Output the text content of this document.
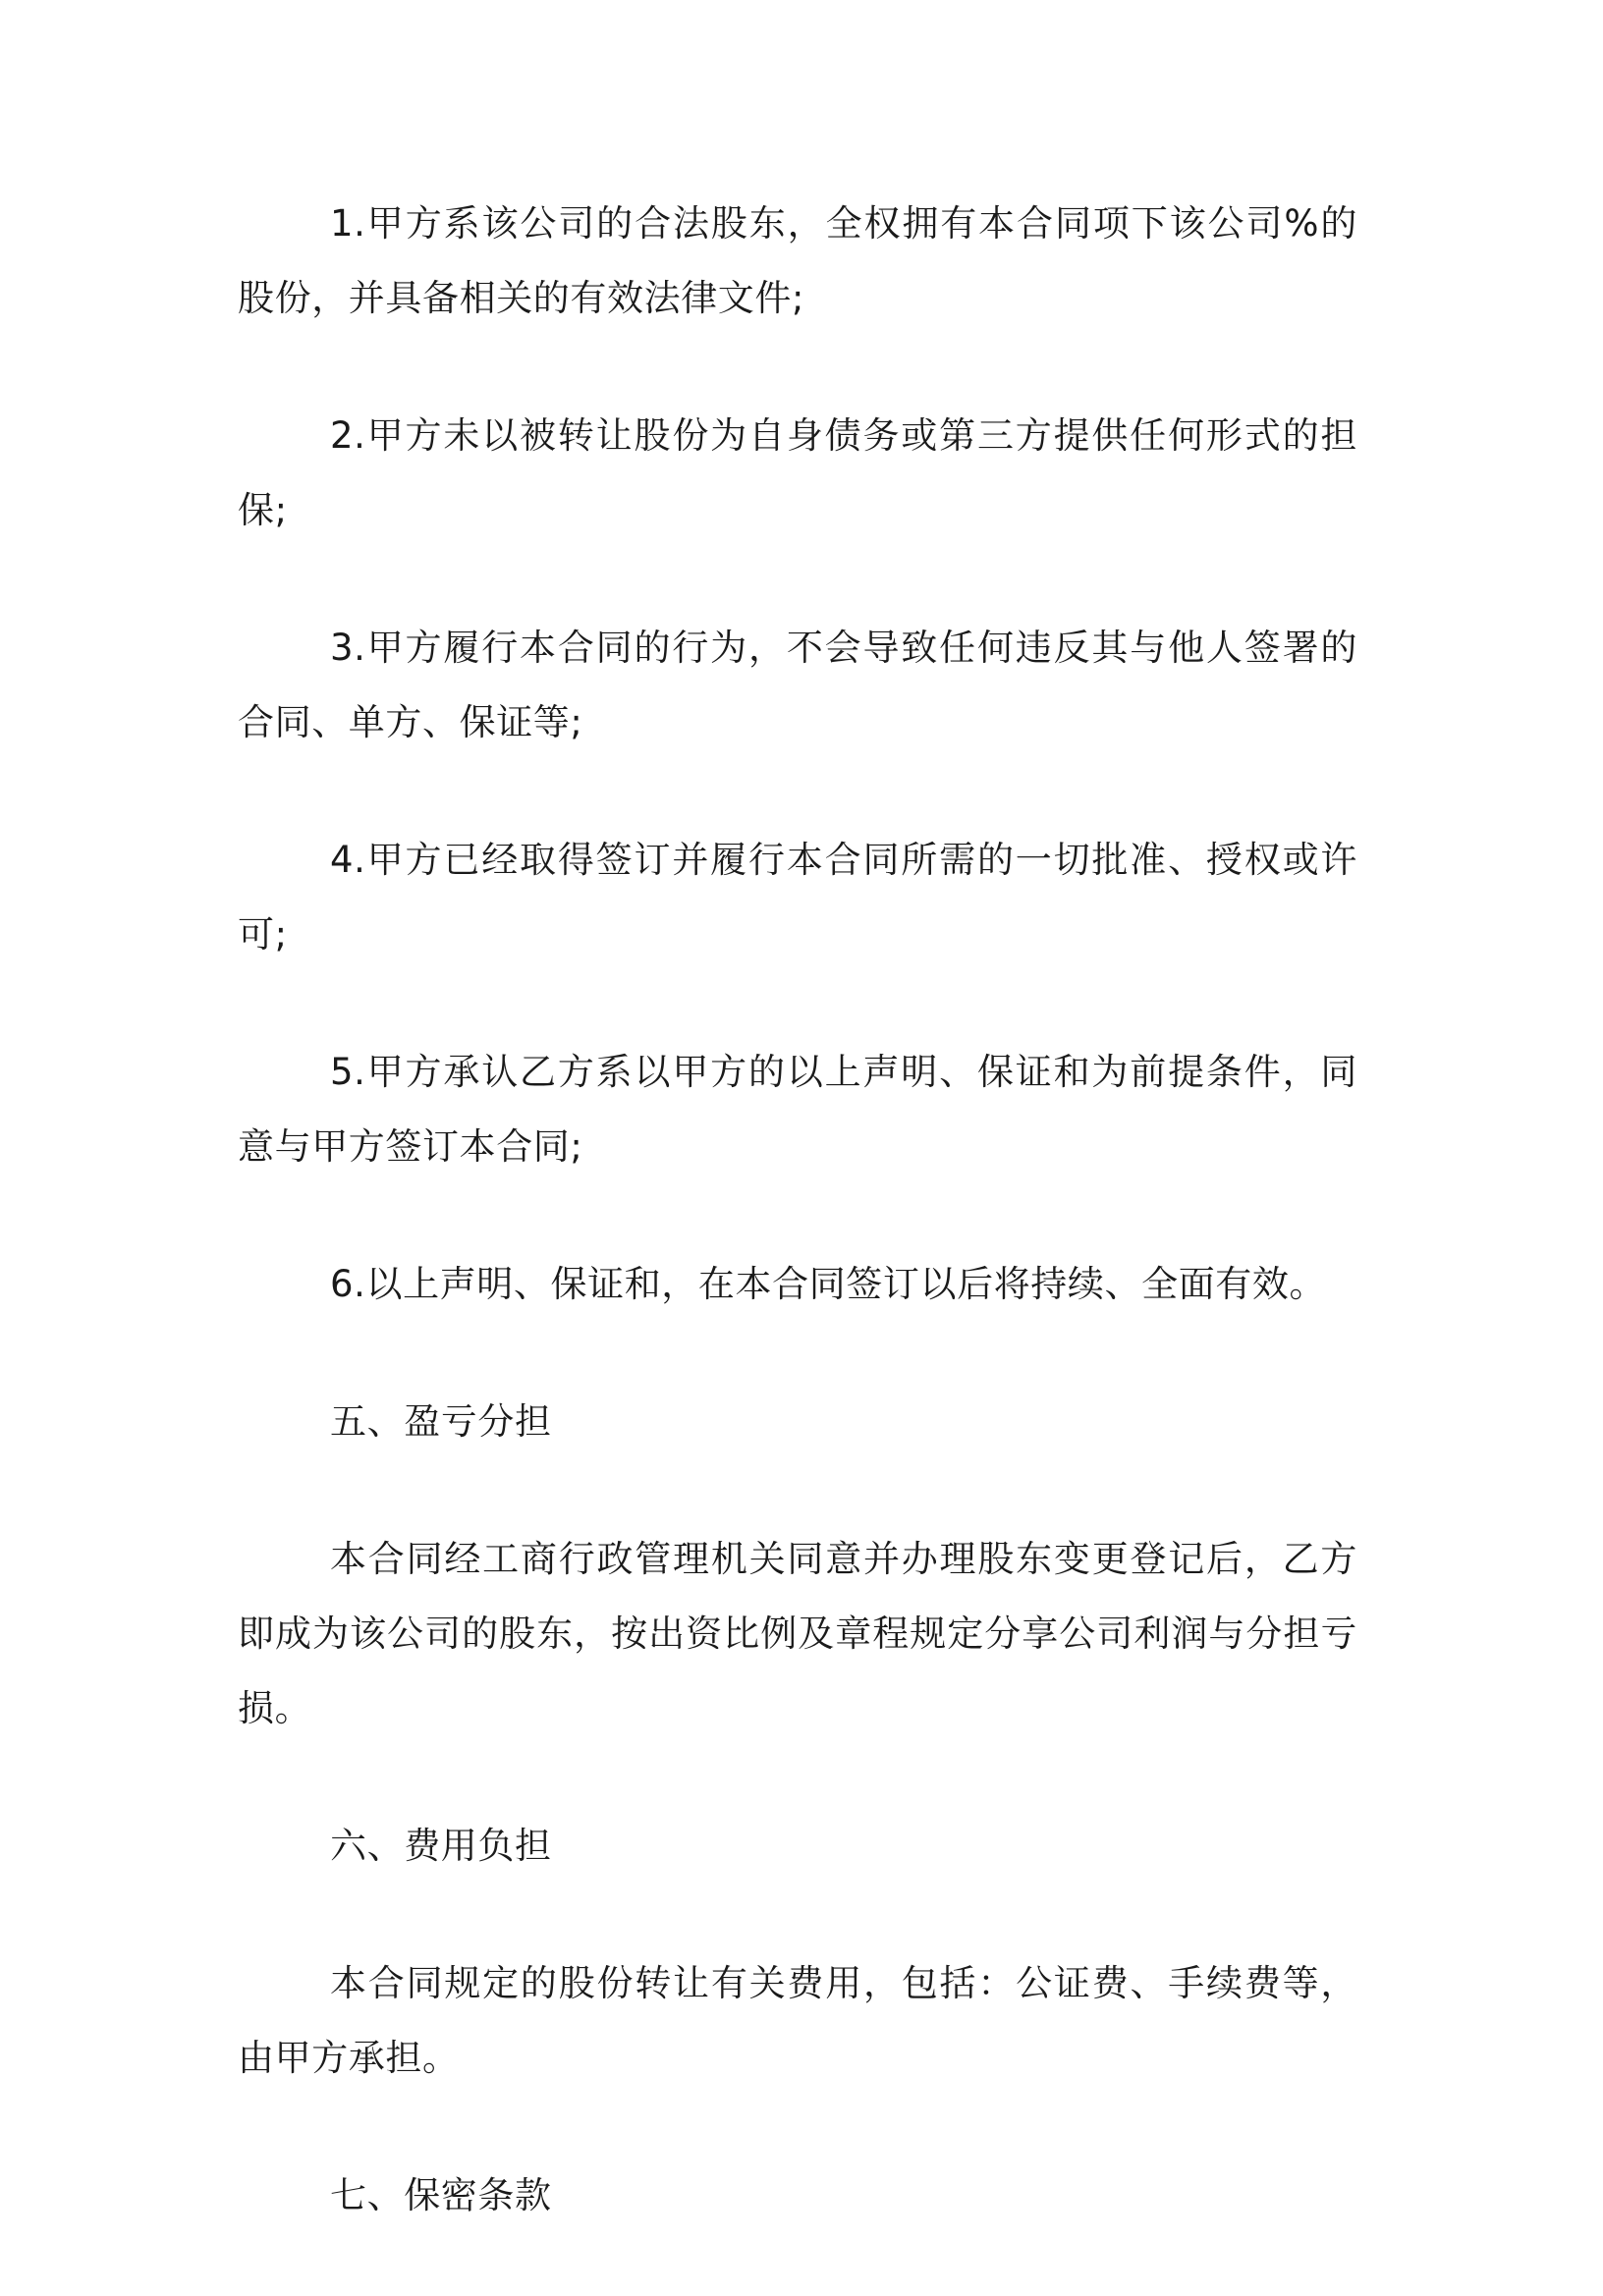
1.甲方系该公司的合法股东，全权拥有本合同项下该公司%的股份，并具备相关的有效法律文件;

2.甲方未以被转让股份为自身债务或第三方提供任何形式的担保;

3.甲方履行本合同的行为，不会导致任何违反其与他人签署的合同、单方、保证等;

4.甲方已经取得签订并履行本合同所需的一切批准、授权或许可;

5.甲方承认乙方系以甲方的以上声明、保证和为前提条件，同意与甲方签订本合同;

6.以上声明、保证和，在本合同签订以后将持续、全面有效。

五、盈亏分担

本合同经工商行政管理机关同意并办理股东变更登记后，乙方即成为该公司的股东，按出资比例及章程规定分享公司利润与分担亏损。

六、费用负担

本合同规定的股份转让有关费用，包括：公证费、手续费等，由甲方承担。

七、保密条款
